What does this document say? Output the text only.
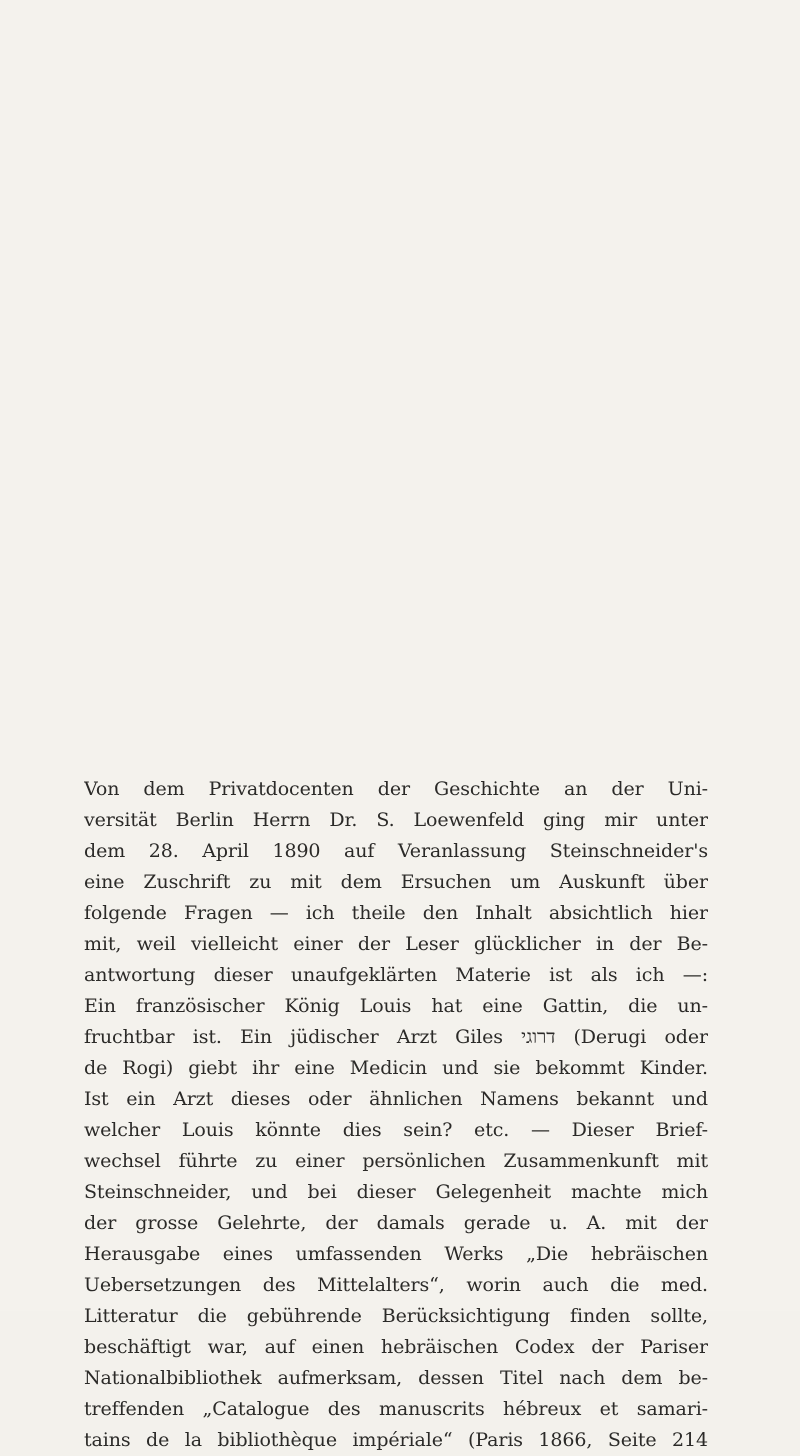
Von dem Privatdocenten der Geschichte an der Uni-
versität Berlin Herrn Dr. S. Loewenfeld ging mir unter
dem 28. April 1890 auf Veranlassung Steinschneider's
eine Zuschrift zu mit dem Ersuchen um Auskunft über
folgende Fragen — ich theile den Inhalt absichtlich hier
mit, weil vielleicht einer der Leser glücklicher in der Be-
antwortung dieser unaufgeklärten Materie ist als ich —:
Ein französischer König Louis hat eine Gattin, die un-
fruchtbar ist. Ein jüdischer Arzt Giles דרוגי (Derugi oder
de Rogi) giebt ihr eine Medicin und sie bekommt Kinder.
Ist ein Arzt dieses oder ähnlichen Namens bekannt und
welcher Louis könnte dies sein? etc. — Dieser Brief-
wechsel führte zu einer persönlichen Zusammenkunft mit
Steinschneider, und bei dieser Gelegenheit machte mich
der grosse Gelehrte, der damals gerade u. A. mit der
Herausgabe eines umfassenden Werks „Die hebräischen
Uebersetzungen des Mittelalters“, worin auch die med.
Litteratur die gebührende Berücksichtigung finden sollte,
beschäftigt war, auf einen hebräischen Codex der Pariser
Nationalbibliothek aufmerksam, dessen Titel nach dem be-
treffenden „Catalogue des manuscrits hébreux et samari-
tains de la bibliothèque impériale“ (Paris 1866, Seite 214
